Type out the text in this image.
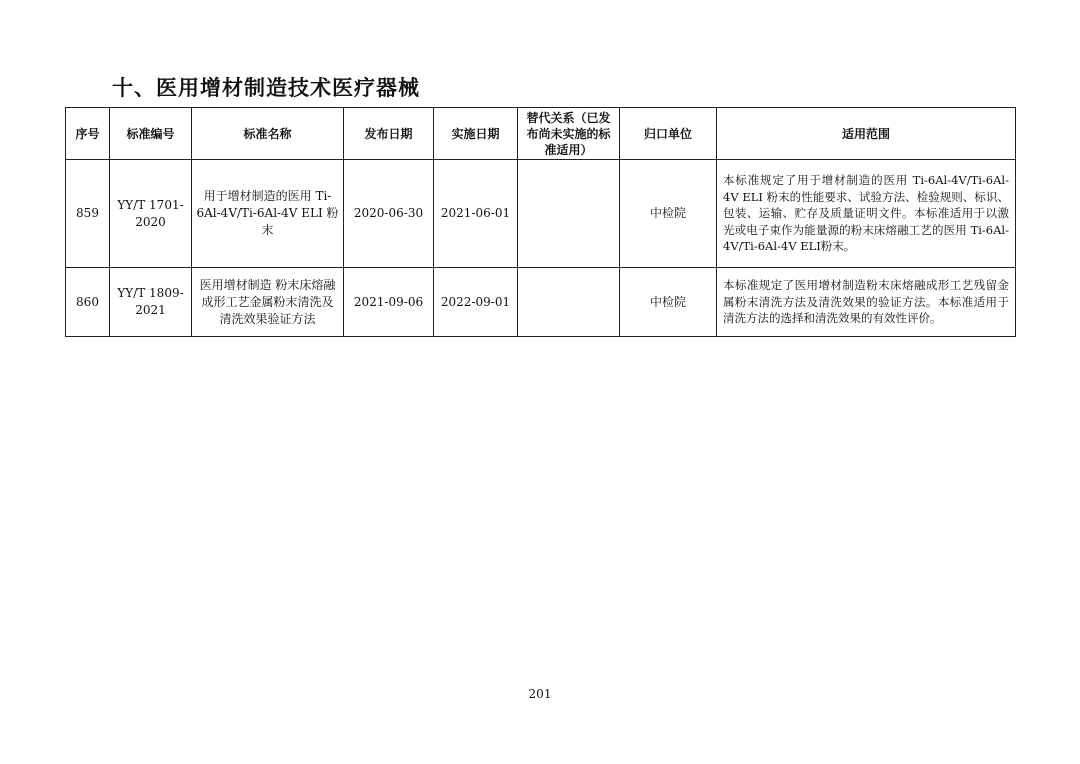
十、医用增材制造技术医疗器械
序号	标准编号	标准名称	发布日期	实施日期	替代关系（已发布尚未实施的标准适用）	归口单位	适用范围

859	YY/T 1701-2020	用于增材制造的医用 Ti-6Al-4V/Ti-6Al-4V ELI 粉末	2020-06-30	2021-06-01		中检院	本标准规定了用于增材制造的医用 Ti-6Al-4V/Ti-6Al-4V ELI 粉末的性能要求、试验方法、检验规则、标识、包装、运输、贮存及质量证明文件。本标准适用于以激光或电子束作为能量源的粉末床熔融工艺的医用 Ti-6Al-4V/Ti-6Al-4V ELI粉末。

860	YY/T 1809-2021	医用增材制造 粉末床熔融成形工艺金属粉末清洗及清洗效果验证方法	2021-09-06	2022-09-01		中检院	本标准规定了医用增材制造粉末床熔融成形工艺残留金属粉末清洗方法及清洗效果的验证方法。本标准适用于清洗方法的选择和清洗效果的有效性评价。

201
